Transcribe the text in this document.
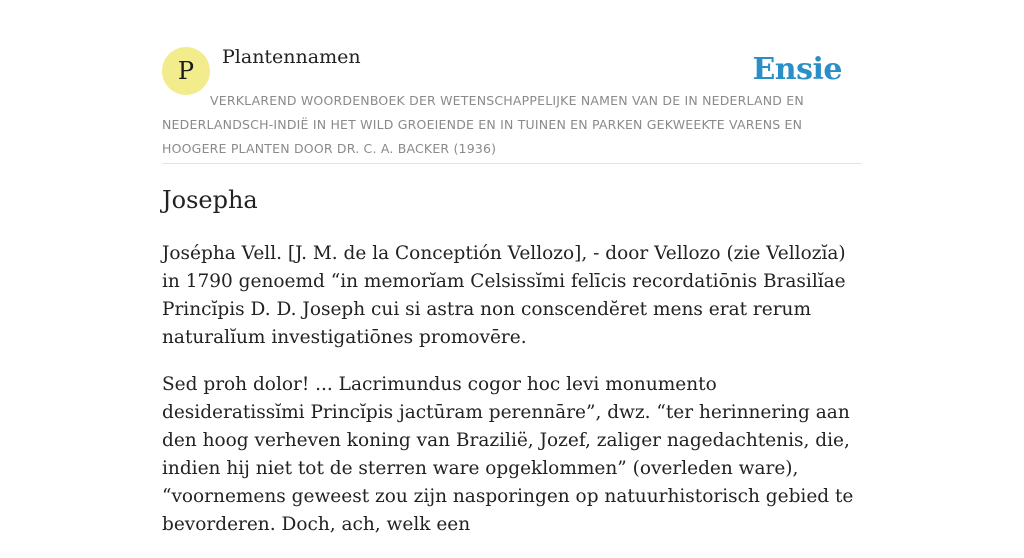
P Plantennamen	Ensie
VERKLAREND WOORDENBOEK DER WETENSCHAPPELIJKE NAMEN VAN DE IN NEDERLAND EN NEDERLANDSCH-INDIË IN HET WILD GROEIENDE EN IN TUINEN EN PARKEN GEKWEEKTE VARENS EN HOOGERE PLANTEN DOOR DR. C. A. BACKER (1936)
Josepha

Josépha Vell. [J. M. de la Conceptión Vellozo], - door Vellozo (zie Vellozĭa) in 1790 genoemd “in memorĭam Celsissĭmi felīcis recordatiōnis Brasilĭae Princĭpis D. D. Joseph cui si astra non conscendĕret mens erat rerum naturalĭum investigatiōnes promovēre.

Sed proh dolor! ... Lacrimundus cogor hoc levi monumento desideratissĭmi Princĭpis jactūram perennāre”, dwz. “ter herinnering aan den hoog verheven koning van Brazilië, Jozef, zaliger nagedachtenis, die, indien hij niet tot de sterren ware opgeklommen” (overleden ware), “voornemens geweest zou zijn nasporingen op natuurhistorisch gebied te bevorderen. Doch, ach, welk een
